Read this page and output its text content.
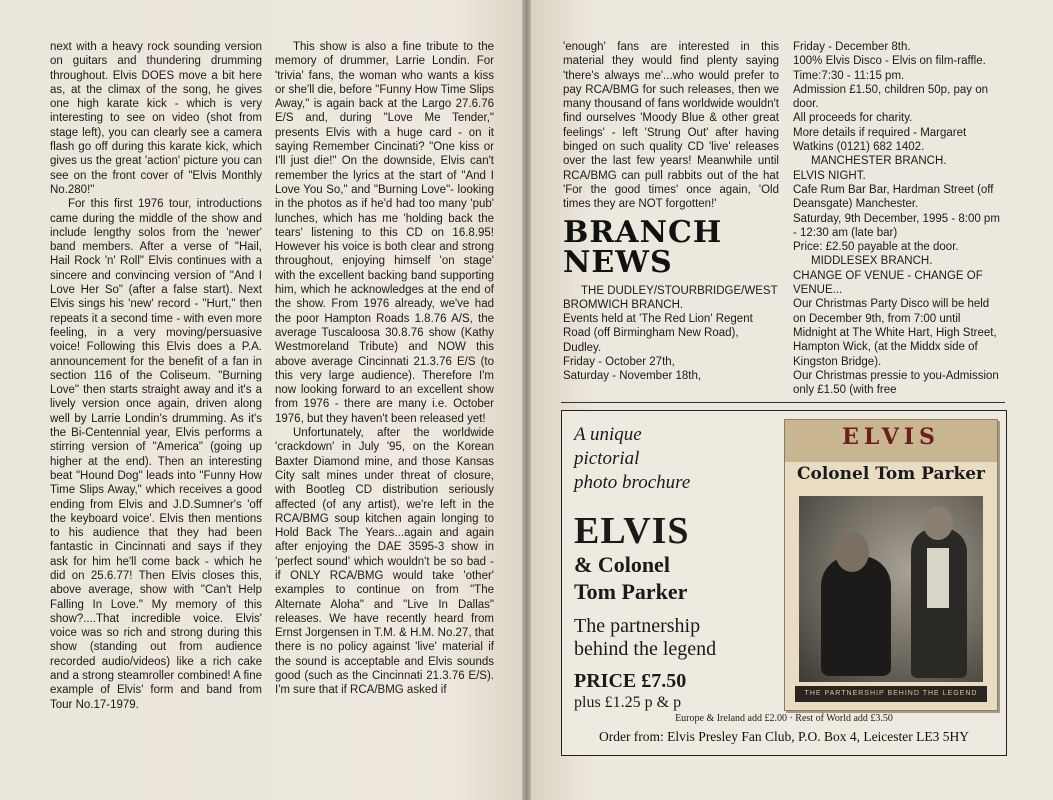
next with a heavy rock sounding version on guitars and thundering drumming throughout. Elvis DOES move a bit here as, at the climax of the song, he gives one high karate kick - which is very interesting to see on video (shot from stage left), you can clearly see a camera flash go off during this karate kick, which gives us the great 'action' picture you can see on the front cover of "Elvis Monthly No.280!"

For this first 1976 tour, introductions came during the middle of the show and include lengthy solos from the 'newer' band members. After a verse of "Hail, Hail Rock 'n' Roll" Elvis continues with a sincere and convincing version of "And I Love Her So" (after a false start). Next Elvis sings his 'new' record - "Hurt," then repeats it a second time - with even more feeling, in a very moving/persuasive voice! Following this Elvis does a P.A. announcement for the benefit of a fan in section 116 of the Coliseum. "Burning Love" then starts straight away and it's a lively version once again, driven along well by Larrie Londin's drumming. As it's the Bi-Centennial year, Elvis performs a stirring version of "America" (going up higher at the end). Then an interesting beat "Hound Dog" leads into "Funny How Time Slips Away," which receives a good ending from Elvis and J.D.Sumner's 'off the keyboard voice'. Elvis then mentions to his audience that they had been fantastic in Cincinnati and says if they ask for him he'll come back - which he did on 25.6.77! Then Elvis closes this, above average, show with "Can't Help Falling In Love." My memory of this show?....That incredible voice. Elvis' voice was so rich and strong during this show (standing out from audience recorded audio/videos) like a rich cake and a strong steamroller combined! A fine example of Elvis' form and band from Tour No.17-1979.

This show is also a fine tribute to the memory of drummer, Larrie Londin. For 'trivia' fans, the woman who wants a kiss or she'll die, before "Funny How Time Slips Away," is again back at the Largo 27.6.76 E/S and, during "Love Me Tender," presents Elvis with a huge card - on it saying Remember Cincinati? "One kiss or I'll just die!" On the downside, Elvis can't remember the lyrics at the start of "And I Love You So," and "Burning Love"- looking in the photos as if he'd had too many 'pub' lunches, which has me 'holding back the tears' listening to this CD on 16.8.95! However his voice is both clear and strong throughout, enjoying himself 'on stage' with the excellent backing band supporting him, which he acknowledges at the end of the show. From 1976 already, we've had the poor Hampton Roads 1.8.76 A/S, the average Tuscaloosa 30.8.76 show (Kathy Westmoreland Tribute) and NOW this above average Cincinnati 21.3.76 E/S (to this very large audience). Therefore I'm now looking forward to an excellent show from 1976 - there are many i.e. October 1976, but they haven't been released yet!

Unfortunately, after the worldwide 'crackdown' in July '95, on the Korean Baxter Diamond mine, and those Kansas City salt mines under threat of closure, with Bootleg CD distribution seriously affected (of any artist), we're left in the RCA/BMG soup kitchen again longing to Hold Back The Years...again and again after enjoying the DAE 3595-3 show in 'perfect sound' which wouldn't be so bad - if ONLY RCA/BMG would take 'other' examples to continue on from "The Alternate Aloha" and "Live In Dallas" releases. We have recently heard from Ernst Jorgensen in T.M. & H.M. No.27, that there is no policy against 'live' material if the sound is acceptable and Elvis sounds good (such as the Cincinnati 21.3.76 E/S). I'm sure that if RCA/BMG asked if

'enough' fans are interested in this material they would find plenty saying 'there's always me'...who would prefer to pay RCA/BMG for such releases, then we many thousand of fans worldwide wouldn't find ourselves 'Moody Blue & other great feelings' - left 'Strung Out' after having binged on such quality CD 'live' releases over the last few years! Meanwhile until RCA/BMG can pull rabbits out of the hat 'For the good times' once again, 'Old times they are NOT forgotten!'

BRANCH
NEWS

THE DUDLEY/STOURBRIDGE/WEST BROMWICH BRANCH.

Events held at 'The Red Lion' Regent Road (off Birmingham New Road), Dudley.

Friday - October 27th,

Saturday - November 18th,

Friday - December 8th.

100% Elvis Disco - Elvis on film-raffle.

Time:7:30 - 11:15 pm.

Admission £1.50, children 50p, pay on door.

All proceeds for charity.

More details if required - Margaret Watkins (0121) 682 1402.

MANCHESTER BRANCH.

ELVIS NIGHT.

Cafe Rum Bar Bar, Hardman Street (off Deansgate) Manchester.

Saturday, 9th December, 1995 - 8:00 pm - 12:30 am (late bar)

Price: £2.50 payable at the door.

MIDDLESEX BRANCH.

CHANGE OF VENUE - CHANGE OF VENUE...

Our Christmas Party Disco will be held on December 9th, from 7:00 until Midnight at The White Hart, High Street, Hampton Wick, (at the Middx side of Kingston Bridge).

Our Christmas pressie to you-Admission only £1.50 (with free

A unique
pictorial
photo brochure
ELVIS
& Colonel
Tom Parker
The partnership
behind the legend
PRICE £7.50
plus £1.25 p & p
ELVIS
Colonel Tom Parker
THE PARTNERSHIP BEHIND THE LEGEND
Europe & Ireland add £2.00 · Rest of World add £3.50
Order from: Elvis Presley Fan Club, P.O. Box 4, Leicester LE3 5HY
